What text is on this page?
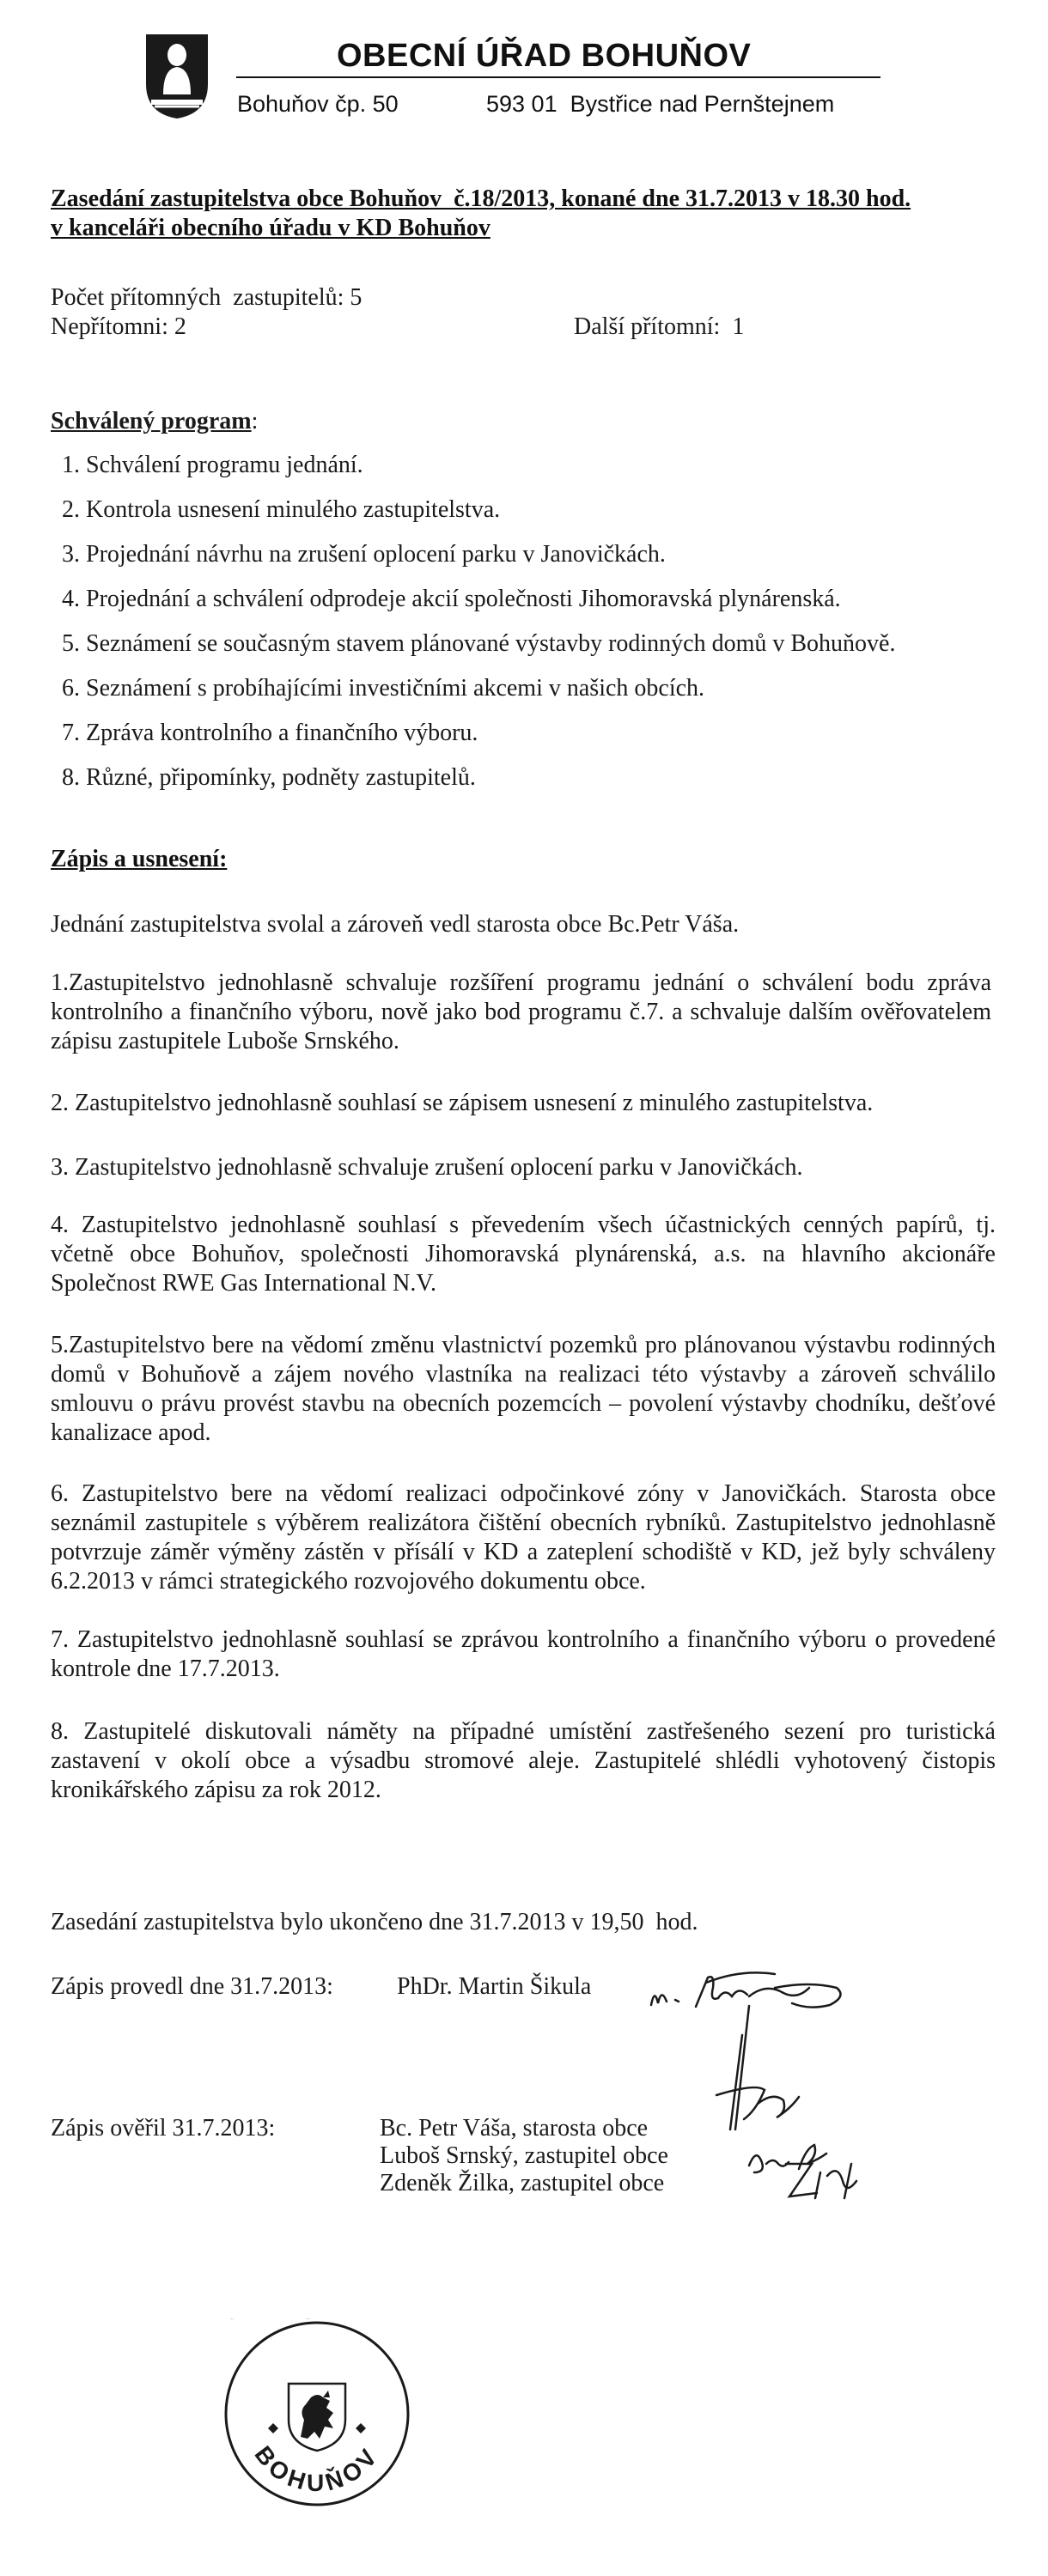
OBECNÍ ÚŘAD BOHUŇOV
Bohuňov čp. 50	593 01  Bystřice nad Pernštejnem
Zasedání zastupitelstva obce Bohuňov  č.18/2013, konané dne 31.7.2013 v 18.30 hod.
v kanceláři obecního úřadu v KD Bohuňov
Počet přítomných  zastupitelů: 5
Nepřítomni: 2	Další přítomní:  1
Schválený program:
1. Schválení programu jednání.
2. Kontrola usnesení minulého zastupitelstva.
3. Projednání návrhu na zrušení oplocení parku v Janovičkách.
4. Projednání a schválení odprodeje akcií společnosti Jihomoravská plynárenská.
5. Seznámení se současným stavem plánované výstavby rodinných domů v Bohuňově.
6. Seznámení s probíhajícími investičními akcemi v našich obcích.
7. Zpráva kontrolního a finančního výboru.
8. Různé, připomínky, podněty zastupitelů.
Zápis a usnesení:
Jednání zastupitelstva svolal a zároveň vedl starosta obce Bc.Petr Váša.
1.Zastupitelstvo jednohlasně schvaluje rozšíření programu jednání o schválení bodu zpráva kontrolního a finančního výboru, nově jako bod programu č.7. a schvaluje dalším ověřovatelem zápisu zastupitele Luboše Srnského.
2. Zastupitelstvo jednohlasně souhlasí se zápisem usnesení z minulého zastupitelstva.
3. Zastupitelstvo jednohlasně schvaluje zrušení oplocení parku v Janovičkách.
4. Zastupitelstvo jednohlasně souhlasí s převedením všech účastnických cenných papírů, tj. včetně obce Bohuňov, společnosti Jihomoravská plynárenská, a.s. na hlavního akcionáře Společnost RWE Gas International N.V.
5.Zastupitelstvo bere na vědomí změnu vlastnictví pozemků pro plánovanou výstavbu rodinných domů v Bohuňově a zájem nového vlastníka na realizaci této výstavby a zároveň schválilo smlouvu o právu provést stavbu na obecních pozemcích – povolení výstavby chodníku, dešťové kanalizace apod.
6. Zastupitelstvo bere na vědomí realizaci odpočinkové zóny v Janovičkách. Starosta obce seznámil zastupitele s výběrem realizátora čištění obecních rybníků. Zastupitelstvo jednohlasně potvrzuje záměr výměny zástěn v přísálí v KD a zateplení schodiště v KD, jež byly schváleny 6.2.2013 v rámci strategického rozvojového dokumentu obce.
7. Zastupitelstvo jednohlasně souhlasí se zprávou kontrolního a finančního výboru o provedené kontrole dne 17.7.2013.
8. Zastupitelé diskutovali náměty na případné umístění zastřešeného sezení pro turistická zastavení v okolí obce a výsadbu stromové aleje. Zastupitelé shlédli vyhotovený čistopis kronikářského zápisu za rok 2012.
Zasedání zastupitelstva bylo ukončeno dne 31.7.2013 v 19,50  hod.
Zápis provedl dne 31.7.2013:	PhDr. Martin Šikula
Zápis ověřil 31.7.2013:	Bc. Petr Váša, starosta obce
Luboš Srnský, zastupitel obce
Zdeněk Žilka, zastupitel obce
BOHUŇOV
